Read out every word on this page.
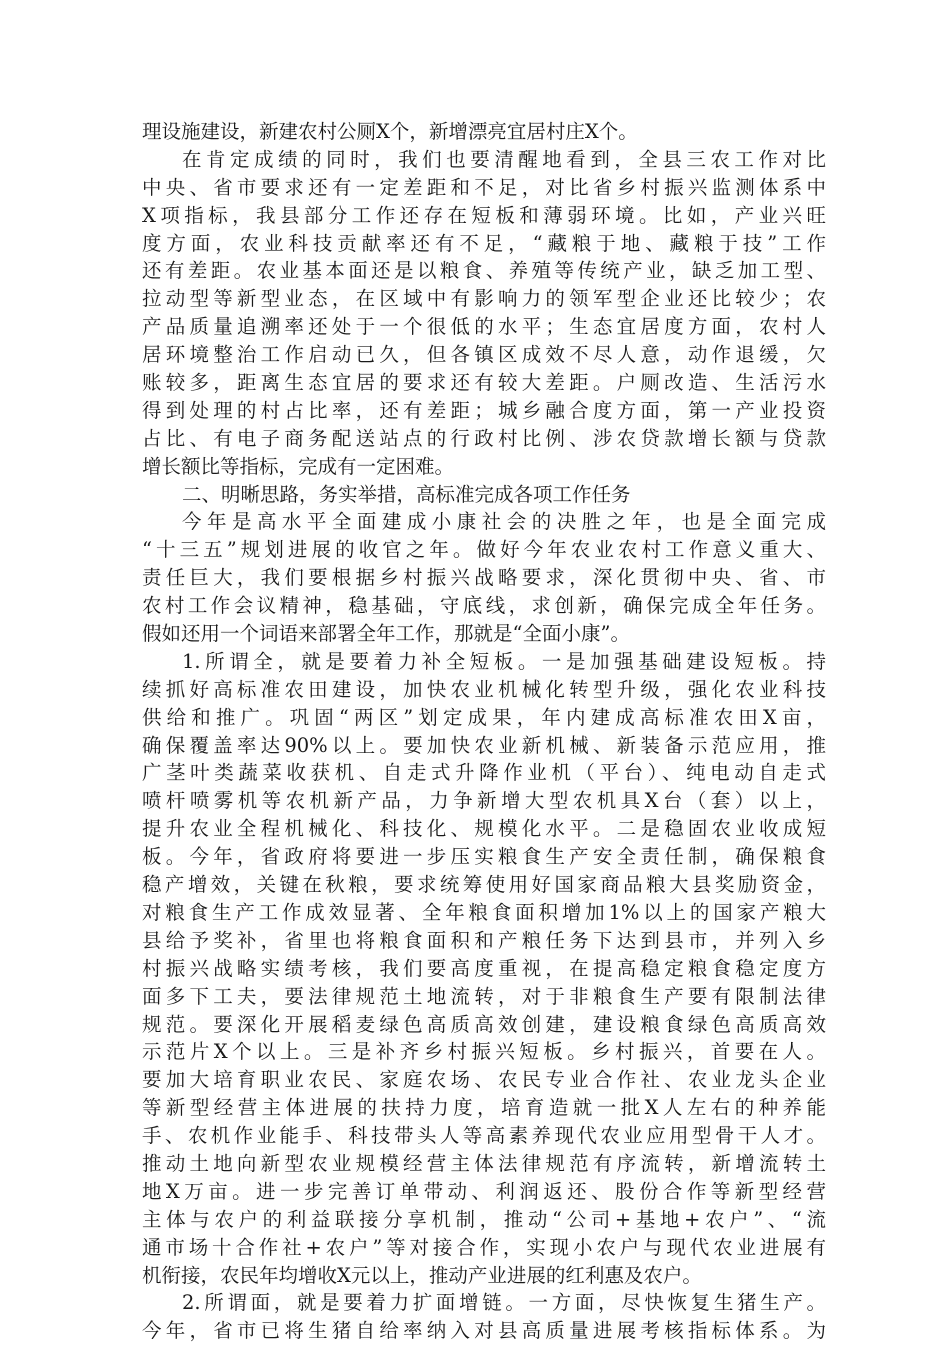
理设施建设，新建农村公厕X个，新增漂亮宜居村庄X个。
在肯定成绩的同时，我们也要清醒地看到，全县三农工作对比
中央、省市要求还有一定差距和不足，对比省乡村振兴监测体系中
X项指标，我县部分工作还存在短板和薄弱环境。比如，产业兴旺
度方面，农业科技贡献率还有不足，“藏粮于地、藏粮于技”工作
还有差距。农业基本面还是以粮食、养殖等传统产业，缺乏加工型、
拉动型等新型业态，在区域中有影响力的领军型企业还比较少；农
产品质量追溯率还处于一个很低的水平；生态宜居度方面，农村人
居环境整治工作启动已久，但各镇区成效不尽人意，动作退缓，欠
账较多，距离生态宜居的要求还有较大差距。户厕改造、生活污水
得到处理的村占比率，还有差距；城乡融合度方面，第一产业投资
占比、有电子商务配送站点的行政村比例、涉农贷款增长额与贷款
增长额比等指标，完成有一定困难。
二、明晰思路，务实举措，高标准完成各项工作任务
今年是高水平全面建成小康社会的决胜之年，也是全面完成
“十三五”规划进展的收官之年。做好今年农业农村工作意义重大、
责任巨大，我们要根据乡村振兴战略要求，深化贯彻中央、省、市
农村工作会议精神，稳基础，守底线，求创新，确保完成全年任务。
假如还用一个词语来部署全年工作，那就是“全面小康”。
1.所谓全，就是要着力补全短板。一是加强基础建设短板。持
续抓好高标准农田建设，加快农业机械化转型升级，强化农业科技
供给和推广。巩固“两区”划定成果，年内建成高标准农田X亩，
确保覆盖率达90%以上。要加快农业新机械、新装备示范应用，推
广茎叶类蔬菜收获机、自走式升降作业机（平台）、纯电动自走式
喷杆喷雾机等农机新产品，力争新增大型农机具X台（套）以上，
提升农业全程机械化、科技化、规模化水平。二是稳固农业收成短
板。今年，省政府将要进一步压实粮食生产安全责任制，确保粮食
稳产增效，关键在秋粮，要求统筹使用好国家商品粮大县奖励资金，
对粮食生产工作成效显著、全年粮食面积增加1%以上的国家产粮大
县给予奖补，省里也将粮食面积和产粮任务下达到县市，并列入乡
村振兴战略实绩考核，我们要高度重视，在提高稳定粮食稳定度方
面多下工夫，要法律规范土地流转，对于非粮食生产要有限制法律
规范。要深化开展稻麦绿色高质高效创建，建设粮食绿色高质高效
示范片X个以上。三是补齐乡村振兴短板。乡村振兴，首要在人。
要加大培育职业农民、家庭农场、农民专业合作社、农业龙头企业
等新型经营主体进展的扶持力度，培育造就一批X人左右的种养能
手、农机作业能手、科技带头人等高素养现代农业应用型骨干人才。
推动土地向新型农业规模经营主体法律规范有序流转，新增流转土
地X万亩。进一步完善订单带动、利润返还、股份合作等新型经营
主体与农户的利益联接分享机制，推动“公司+基地+农户”、“流
通市场十合作社+农户”等对接合作，实现小农户与现代农业进展有
机衔接，农民年均增收X元以上，推动产业进展的红利惠及农户。
2.所谓面，就是要着力扩面增链。一方面，尽快恢复生猪生产。
今年，省市已将生猪自给率纳入对县高质量进展考核指标体系。为
